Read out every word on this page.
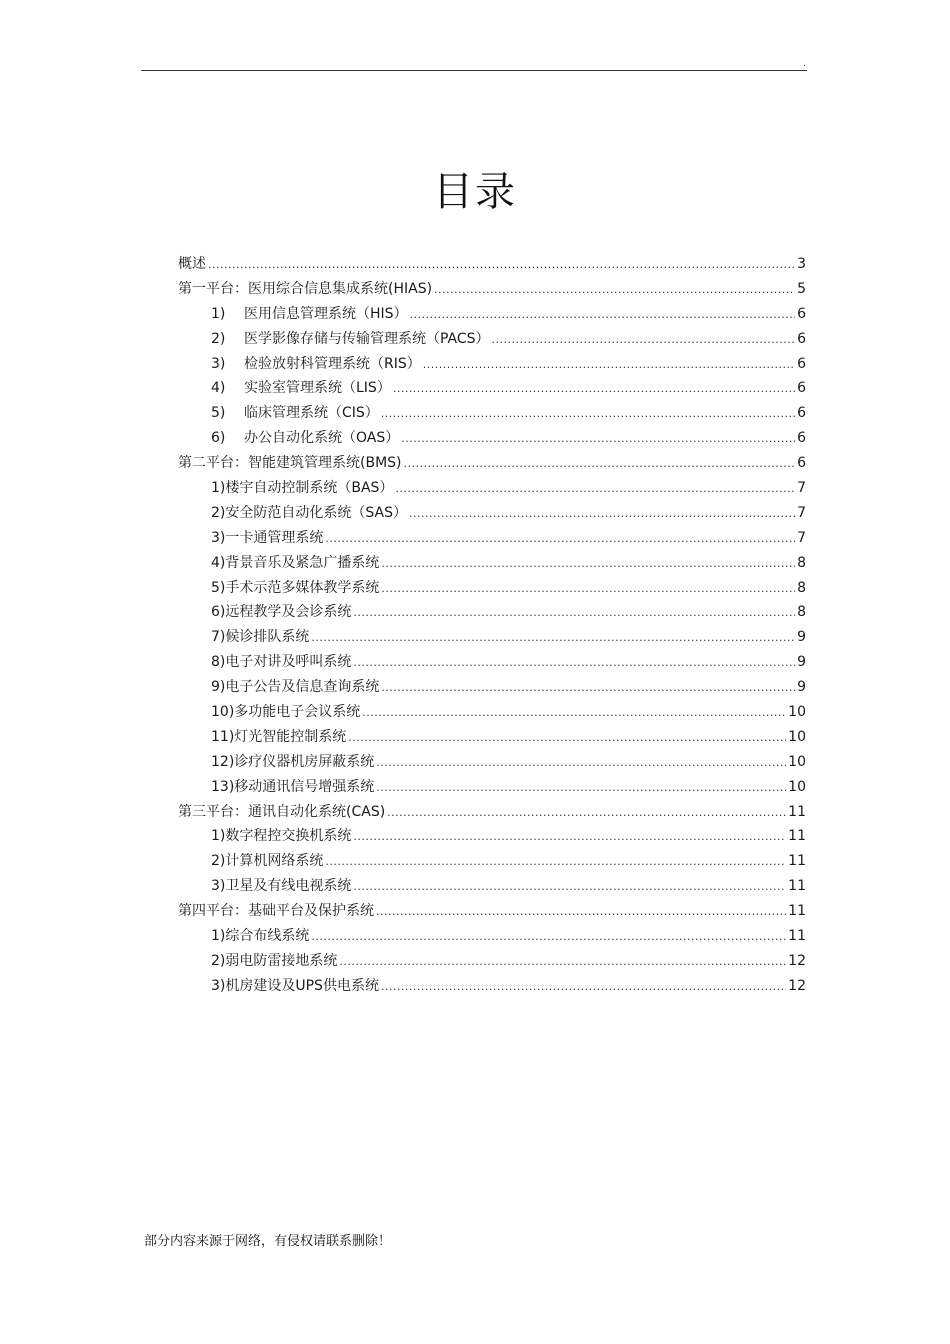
.
目录
概述 .....	3
第一平台：医用综合信息集成系统(HIAS) .....	5
1)	医用信息管理系统（HIS） .....	6
2)	医学影像存储与传输管理系统（PACS） .....	6
3)	检验放射科管理系统（RIS） .....	6
4)	实验室管理系统（LIS） .....	6
5)	临床管理系统（CIS） .....	6
6)	办公自动化系统（OAS） .....	6
第二平台：智能建筑管理系统(BMS) .....	6
1)楼宇自动控制系统（BAS） .....	7
2)安全防范自动化系统（SAS） .....	7
3)一卡通管理系统 .....	7
4)背景音乐及紧急广播系统 .....	8
5)手术示范多媒体教学系统 .....	8
6)远程教学及会诊系统 .....	8
7)候诊排队系统 .....	9
8)电子对讲及呼叫系统 .....	9
9)电子公告及信息查询系统 .....	9
10)多功能电子会议系统 .....	10
11)灯光智能控制系统 .....	10
12)诊疗仪器机房屏蔽系统 .....	10
13)移动通讯信号增强系统 .....	10
第三平台：通讯自动化系统(CAS) .....	11
1)数字程控交换机系统 .....	11
2)计算机网络系统 .....	11
3)卫星及有线电视系统 .....	11
第四平台：基础平台及保护系统 .....	11
1)综合布线系统 .....	11
2)弱电防雷接地系统 .....	12
3)机房建设及UPS供电系统 .....	12
部分内容来源于网络，有侵权请联系删除！
